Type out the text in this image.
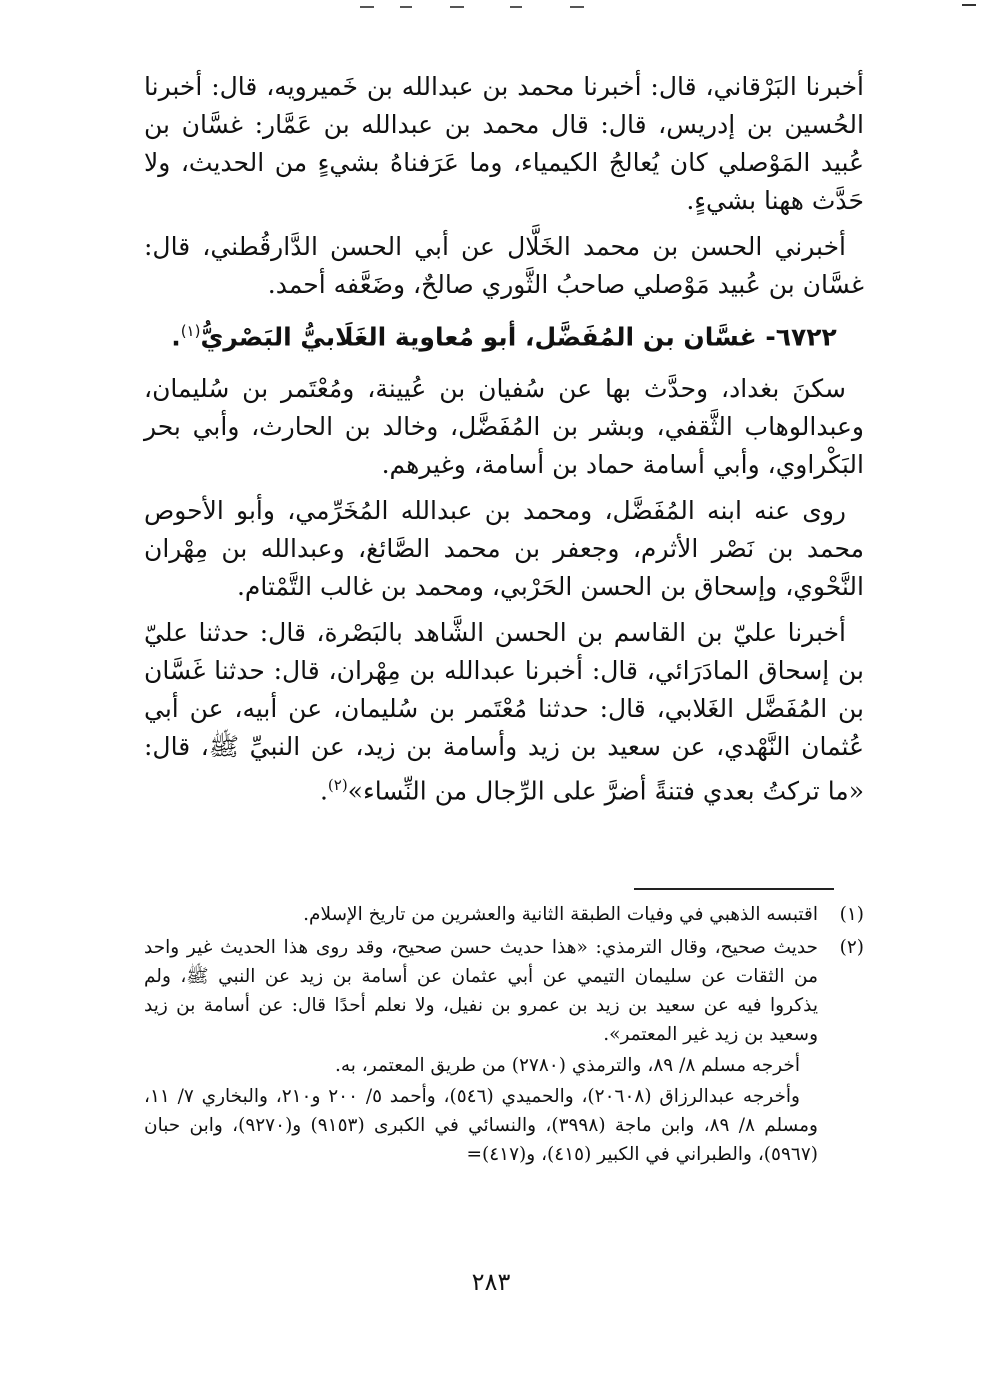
أخبرنا البَرْقاني، قال: أخبرنا محمد بن عبدالله بن خَميرويه، قال: أخبرنا الحُسين بن إدريس، قال: قال محمد بن عبدالله بن عَمَّار: غسَّان بن عُبيد المَوْصلي كان يُعالجُ الكيمياء، وما عَرَفناهُ بشيءٍ من الحديث، ولا حَدَّث ههنا بشيءٍ.

أخبرني الحسن بن محمد الخَلَّال عن أبي الحسن الدَّارقُطني، قال: غسَّان بن عُبيد مَوْصلي صاحبُ الثَّوري صالحٌ، وضَعَّفه أحمد.

٦٧٢٢- غسَّان بن المُفَضَّل، أبو مُعاوية الغَلَابيُّ البَصْريُّ$^{(١)}$.

سكنَ بغداد، وحدَّث بها عن سُفيان بن عُيينة، ومُعْتَمر بن سُليمان، وعبدالوهاب الثَّقفي، وبشر بن المُفَضَّل، وخالد بن الحارث، وأبي بحر البَكْراوي، وأبي أسامة حماد بن أسامة، وغيرهم.

روى عنه ابنه المُفَضَّل، ومحمد بن عبدالله المُخَرِّمي، وأبو الأحوص محمد بن نَصْر الأثرم، وجعفر بن محمد الصَّائغ، وعبدالله بن مِهْران النَّحْوي، وإسحاق بن الحسن الحَرْبي، ومحمد بن غالب التَّمْتام.

أخبرنا عليّ بن القاسم بن الحسن الشَّاهد بالبَصْرة، قال: حدثنا عليّ بن إسحاق المادَرَائي، قال: أخبرنا عبدالله بن مِهْران، قال: حدثنا غَسَّان بن المُفَضَّل الغَلابي، قال: حدثنا مُعْتَمر بن سُليمان، عن أبيه، عن أبي عُثمان النَّهْدي، عن سعيد بن زيد وأسامة بن زيد، عن النبيِّ ﷺ، قال: «ما تركتُ بعدي فتنةً أضرَّ على الرِّجال من النِّساء»$^{(٢)}$.

(١)

اقتبسه الذهبي في وفيات الطبقة الثانية والعشرين من تاريخ الإسلام.

(٢)

حديث صحيح، وقال الترمذي: «هذا حديث حسن صحيح، وقد روى هذا الحديث غير واحد من الثقات عن سليمان التيمي عن أبي عثمان عن أسامة بن زيد عن النبي ﷺ، ولم يذكروا فيه عن سعيد بن زيد بن عمرو بن نفيل، ولا نعلم أحدًا قال: عن أسامة بن زيد وسعيد بن زيد غير المعتمر».

أخرجه مسلم ٨/ ٨٩، والترمذي (٢٧٨٠) من طريق المعتمر، به.

وأخرجه عبدالرزاق (٢٠٦٠٨)، والحميدي (٥٤٦)، وأحمد ٥/ ٢٠٠ و٢١٠، والبخاري ٧/ ١١، ومسلم ٨/ ٨٩، وابن ماجة (٣٩٩٨)، والنسائي في الكبرى (٩١٥٣) و(٩٢٧٠)، وابن حبان (٥٩٦٧)، والطبراني في الكبير (٤١٥)، و(٤١٧)=

٢٨٣
